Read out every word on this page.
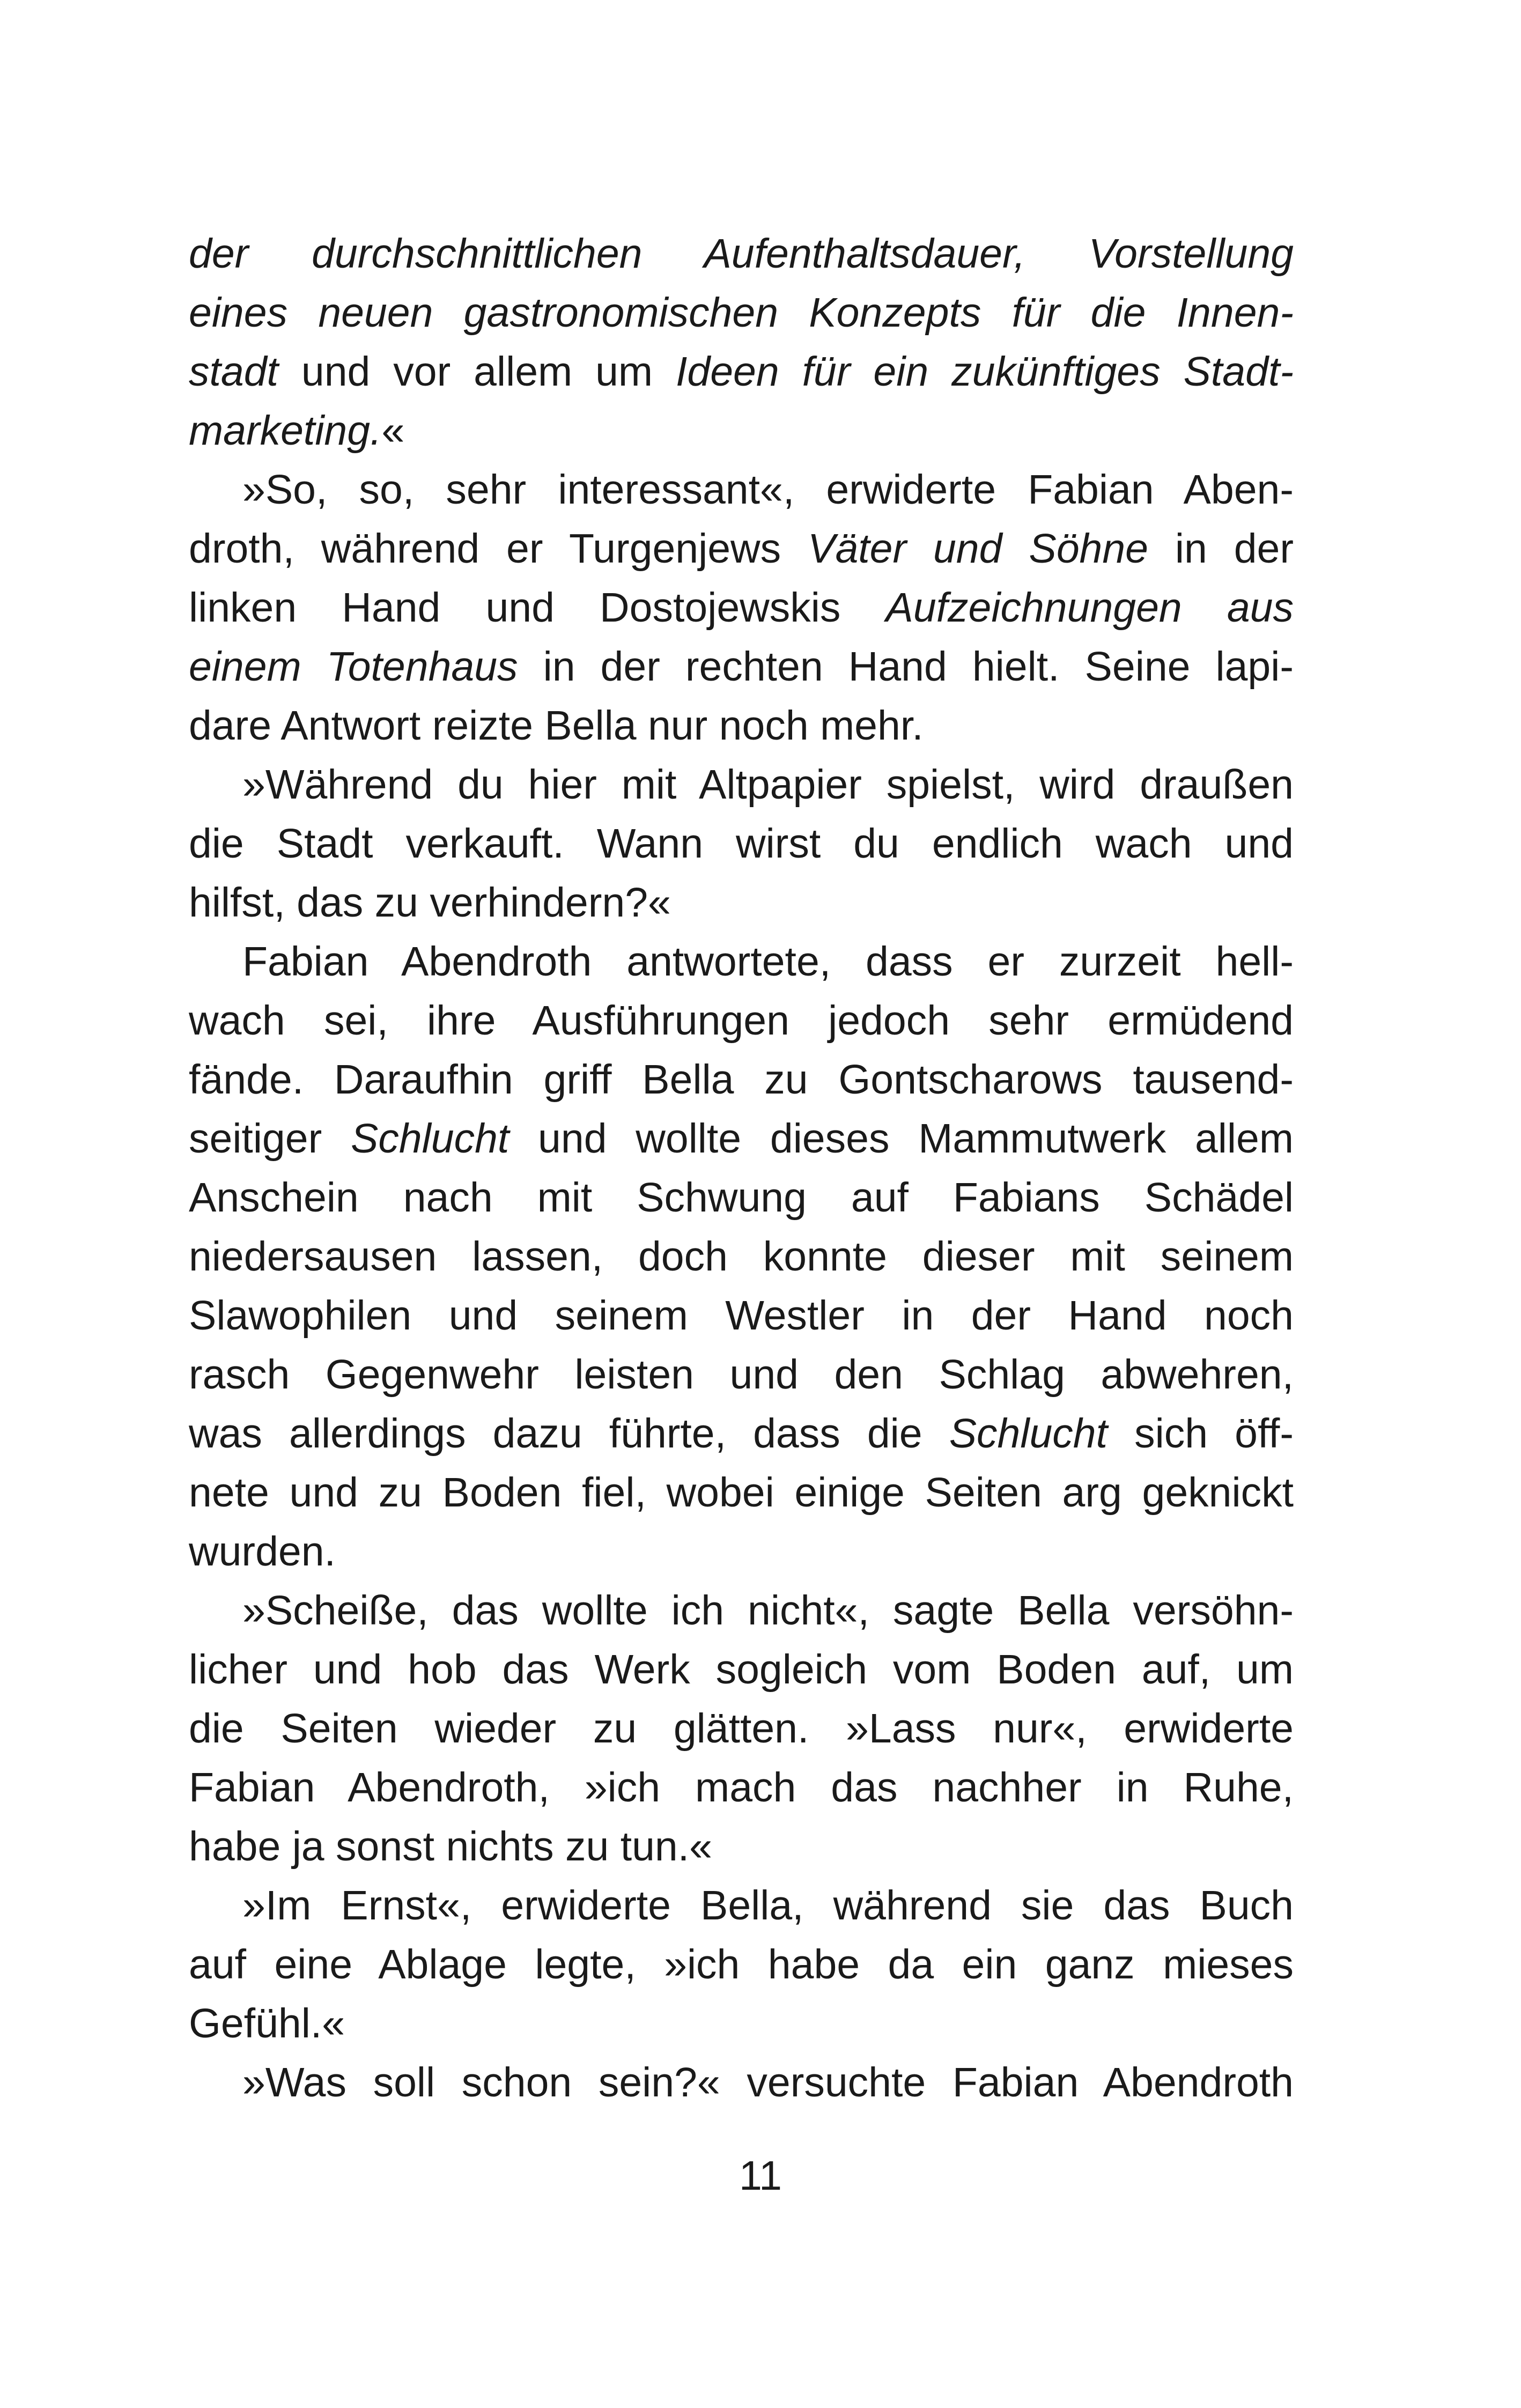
der durchschnittlichen Aufenthaltsdauer, Vorstellung
eines neuen gastronomischen Konzepts für die Innen-
stadt und vor allem um Ideen für ein zukünftiges Stadt-
marketing.«
»So, so, sehr interessant«, erwiderte Fabian Aben-
droth, während er Turgenjews Väter und Söhne in der
linken Hand und Dostojewskis Aufzeichnungen aus
einem Totenhaus in der rechten Hand hielt. Seine lapi-
dare Antwort reizte Bella nur noch mehr.
»Während du hier mit Altpapier spielst, wird draußen
die Stadt verkauft. Wann wirst du endlich wach und
hilfst, das zu verhindern?«
Fabian Abendroth antwortete, dass er zurzeit hell-
wach sei, ihre Ausführungen jedoch sehr ermüdend
fände. Daraufhin griff Bella zu Gontscharows tausend-
seitiger Schlucht und wollte dieses Mammutwerk allem
Anschein nach mit Schwung auf Fabians Schädel
niedersausen lassen, doch konnte dieser mit seinem
Slawophilen und seinem Westler in der Hand noch
rasch Gegenwehr leisten und den Schlag abwehren,
was allerdings dazu führte, dass die Schlucht sich öff-
nete und zu Boden fiel, wobei einige Seiten arg geknickt
wurden.
»Scheiße, das wollte ich nicht«, sagte Bella versöhn-
licher und hob das Werk sogleich vom Boden auf, um
die Seiten wieder zu glätten. »Lass nur«, erwiderte
Fabian Abendroth, »ich mach das nachher in Ruhe,
habe ja sonst nichts zu tun.«
»Im Ernst«, erwiderte Bella, während sie das Buch
auf eine Ablage legte, »ich habe da ein ganz mieses
Gefühl.«
»Was soll schon sein?« versuchte Fabian Abendroth
11
